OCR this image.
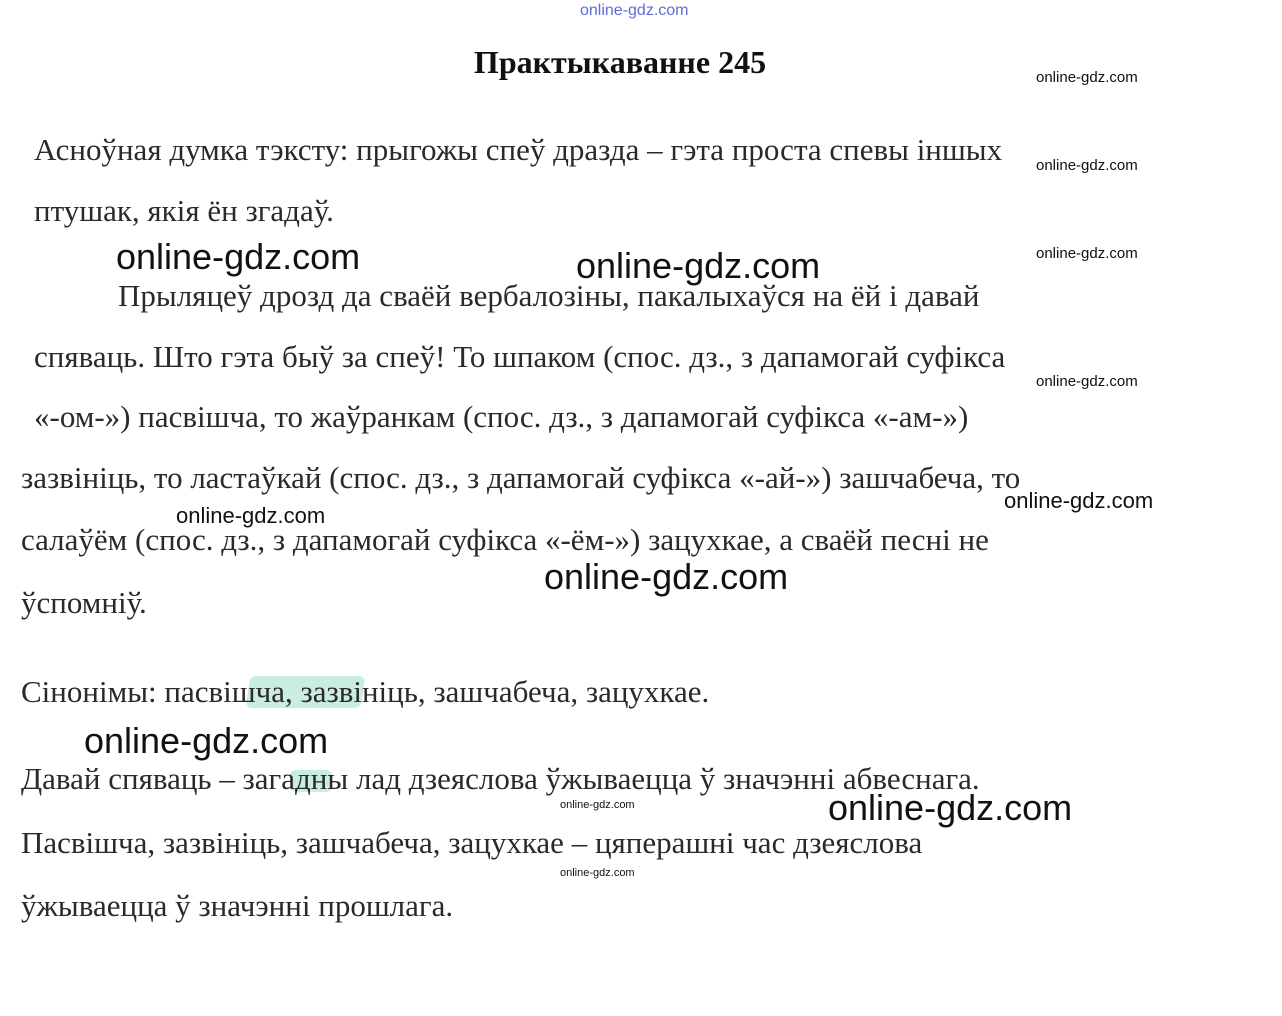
online-gdz.com
Практыкаванне 245

Асноўная думка тэксту: прыгожы спеў дразда – гэта проста спевы іншых

птушак, якія ён згадаў.

Прыляцеў дрозд да сваёй вербалозіны, пакалыхаўся на ёй і давай

спяваць. Што гэта быў за спеў! То шпаком (спос. дз., з дапамогай суфікса

«-ом-») пасвішча, то жаўранкам (спос. дз., з дапамогай суфікса «-ам-»)

зазвініць, то ластаўкай (спос. дз., з дапамогай суфікса «-ай-») зашчабеча, то

салаўём (спос. дз., з дапамогай суфікса «-ём-») зацухкае, а сваёй песні не

ўспомніў.

Сінонімы: пасвішча, зазвініць, зашчабеча, зацухкае.

Давай спяваць – загадны лад дзеяслова ўжываецца ў значэнні абвеснага.

Пасвішча, зазвініць, зашчабеча, зацухкае – цяперашні час дзеяслова

ўжываецца ў значэнні прошлага.

online-gdz.com
online-gdz.com
online-gdz.com
online-gdz.com	online-gdz.com
online-gdz.com
online-gdz.com
online-gdz.com
online-gdz.com
online-gdz.com
online-gdz.com
online-gdz.com
online-gdz.com
